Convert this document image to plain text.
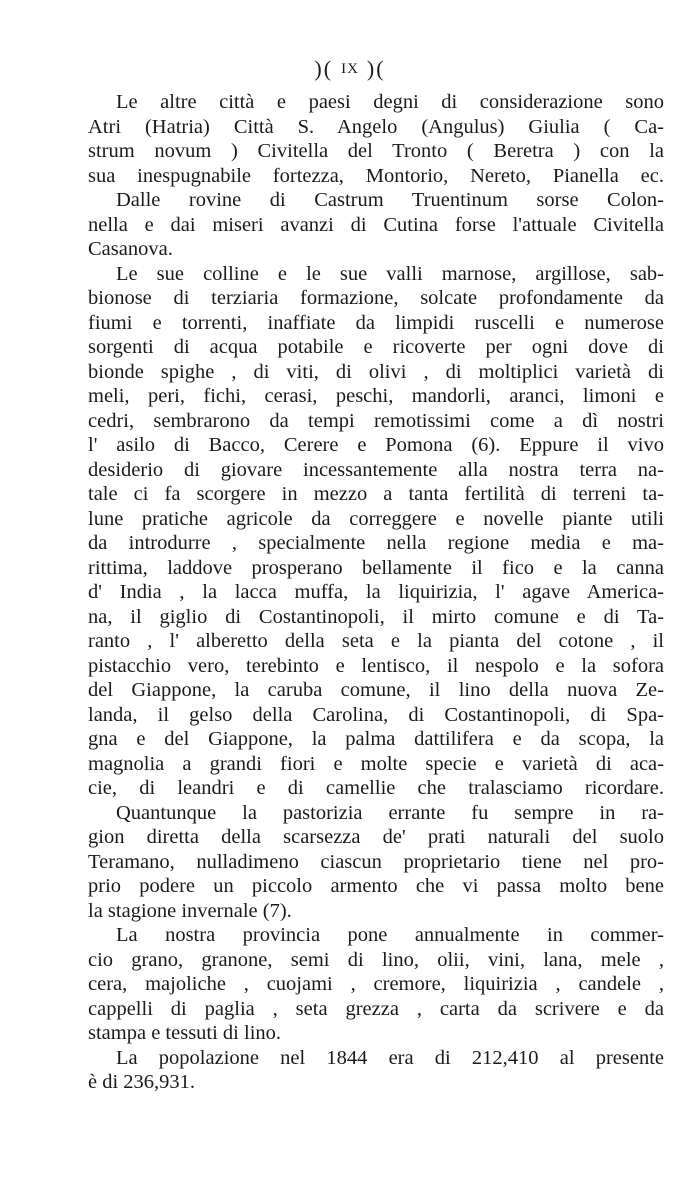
)( IX )(
Le altre città e paesi degni di considerazione sono
Atri (Hatria) Città S. Angelo (Angulus) Giulia ( Ca-
strum novum ) Civitella del Tronto ( Beretra ) con la
sua inespugnabile fortezza, Montorio, Nereto, Pianella ec.
Dalle rovine di Castrum Truentinum sorse Colon-
nella e dai miseri avanzi di Cutina forse l'attuale Civitella
Casanova.
Le sue colline e le sue valli marnose, argillose, sab-
bionose di terziaria formazione, solcate profondamente da
fiumi e torrenti, inaffiate da limpidi ruscelli e numerose
sorgenti di acqua potabile e ricoverte per ogni dove di
bionde spighe , di viti, di olivi , di moltiplici varietà di
meli, peri, fichi, cerasi, peschi, mandorli, aranci, limoni e
cedri, sembrarono da tempi remotissimi come a dì nostri
l' asilo di Bacco, Cerere e Pomona (6). Eppure il vivo
desiderio di giovare incessantemente alla nostra terra na-
tale ci fa scorgere in mezzo a tanta fertilità di terreni ta-
lune pratiche agricole da correggere e novelle piante utili
da introdurre , specialmente nella regione media e ma-
rittima, laddove prosperano bellamente il fico e la canna
d' India , la lacca muffa, la liquirizia, l' agave America-
na, il giglio di Costantinopoli, il mirto comune e di Ta-
ranto , l' alberetto della seta e la pianta del cotone , il
pistacchio vero, terebinto e lentisco, il nespolo e la sofora
del Giappone, la caruba comune, il lino della nuova Ze-
landa, il gelso della Carolina, di Costantinopoli, di Spa-
gna e del Giappone, la palma dattilifera e da scopa, la
magnolia a grandi fiori e molte specie e varietà di aca-
cie, di leandri e di camellie che tralasciamo ricordare.
Quantunque la pastorizia errante fu sempre in ra-
gion diretta della scarsezza de' prati naturali del suolo
Teramano, nulladimeno ciascun proprietario tiene nel pro-
prio podere un piccolo armento che vi passa molto bene
la stagione invernale (7).
La nostra provincia pone annualmente in commer-
cio grano, granone, semi di lino, olii, vini, lana, mele ,
cera, majoliche , cuojami , cremore, liquirizia , candele ,
cappelli di paglia , seta grezza , carta da scrivere e da
stampa e tessuti di lino.
La popolazione nel 1844 era di 212,410 al presente
è di 236,931.
